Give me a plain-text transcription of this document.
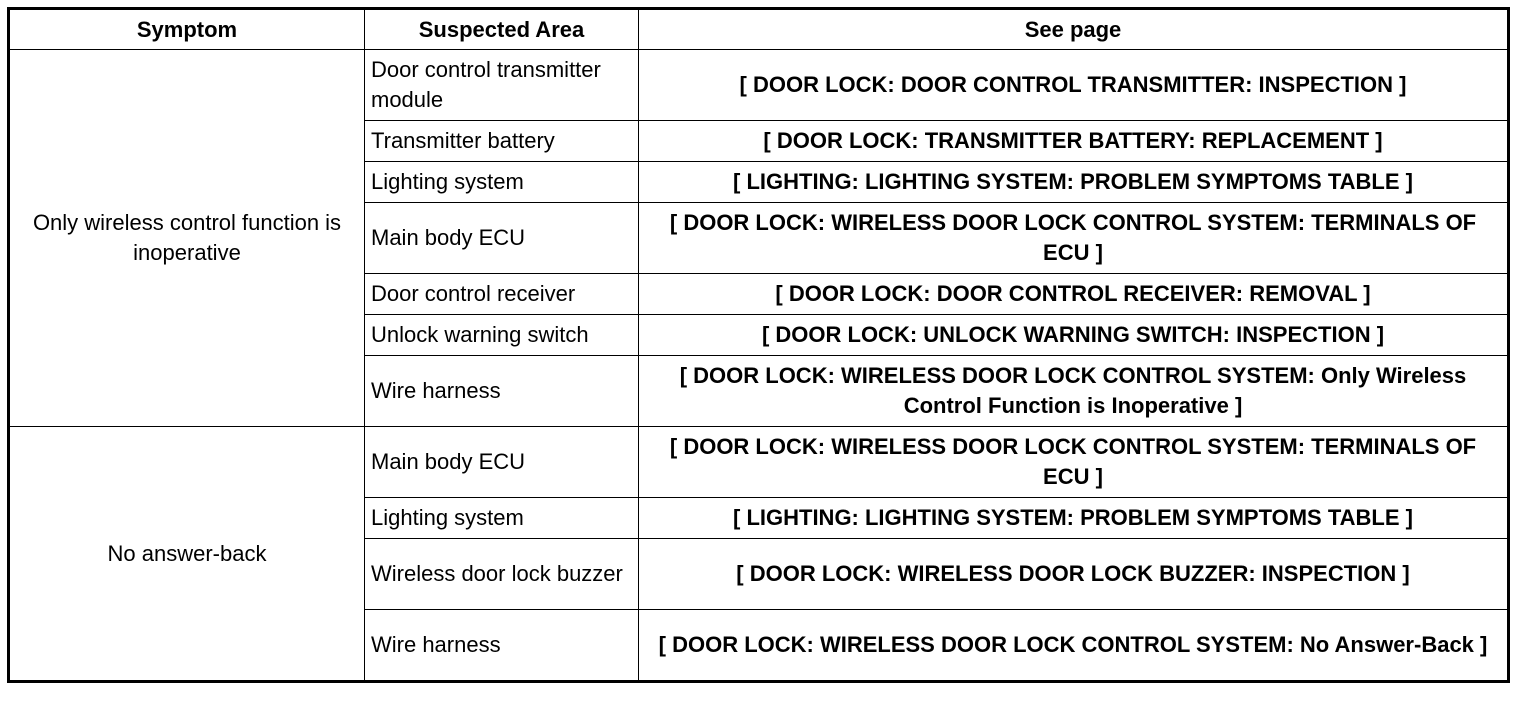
Symptom	Suspected Area	See page
Only wireless control function is inoperative	Door control transmitter module	[ DOOR LOCK: DOOR CONTROL TRANSMITTER: INSPECTION ]
	Transmitter battery	[ DOOR LOCK: TRANSMITTER BATTERY: REPLACEMENT ]
	Lighting system	[ LIGHTING: LIGHTING SYSTEM: PROBLEM SYMPTOMS TABLE ]
	Main body ECU	[ DOOR LOCK: WIRELESS DOOR LOCK CONTROL SYSTEM: TERMINALS OF ECU ]
	Door control receiver	[ DOOR LOCK: DOOR CONTROL RECEIVER: REMOVAL ]
	Unlock warning switch	[ DOOR LOCK: UNLOCK WARNING SWITCH: INSPECTION ]
	Wire harness	[ DOOR LOCK: WIRELESS DOOR LOCK CONTROL SYSTEM: Only Wireless Control Function is Inoperative ]
No answer-back	Main body ECU	[ DOOR LOCK: WIRELESS DOOR LOCK CONTROL SYSTEM: TERMINALS OF ECU ]
	Lighting system	[ LIGHTING: LIGHTING SYSTEM: PROBLEM SYMPTOMS TABLE ]
	Wireless door lock buzzer	[ DOOR LOCK: WIRELESS DOOR LOCK BUZZER: INSPECTION ]
	Wire harness	[ DOOR LOCK: WIRELESS DOOR LOCK CONTROL SYSTEM: No Answer-Back ]
